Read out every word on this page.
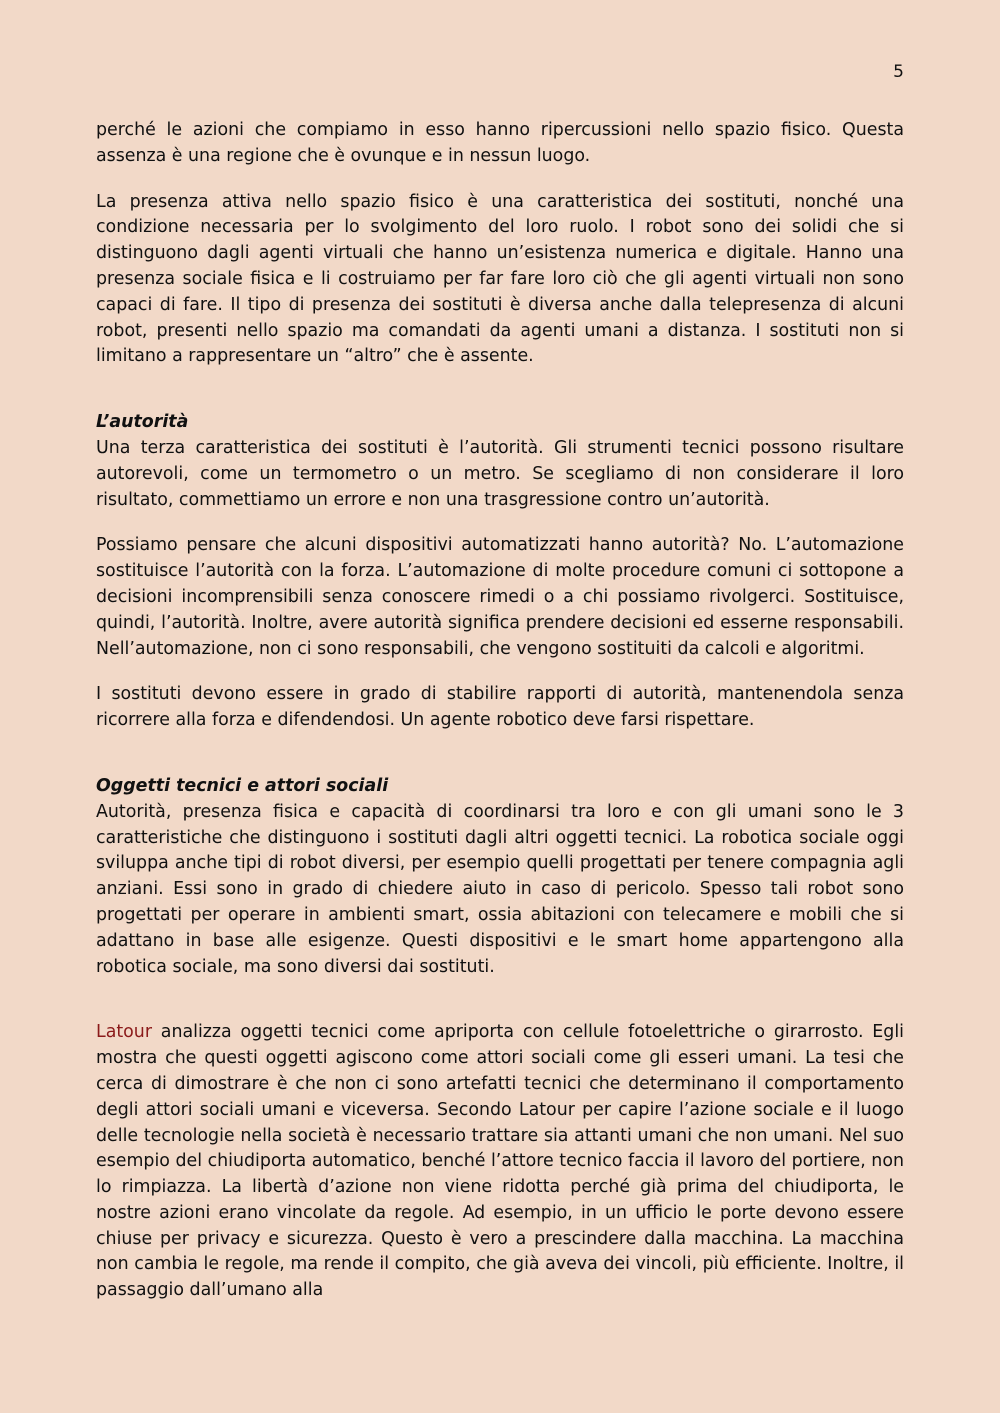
5

perché le azioni che compiamo in esso hanno ripercussioni nello spazio fisico. Questa assenza è una regione che è ovunque e in nessun luogo.

La presenza attiva nello spazio fisico è una caratteristica dei sostituti, nonché una condizione necessaria per lo svolgimento del loro ruolo. I robot sono dei solidi che si distinguono dagli agenti virtuali che hanno un’esistenza numerica e digitale. Hanno una presenza sociale fisica e li costruiamo per far fare loro ciò che gli agenti virtuali non sono capaci di fare. Il tipo di presenza dei sostituti è diversa anche dalla telepresenza di alcuni robot, presenti nello spazio ma comandati da agenti umani a distanza. I sostituti non si limitano a rappresentare un “altro” che è assente.

L’autorità

Una terza caratteristica dei sostituti è l’autorità. Gli strumenti tecnici possono risultare autorevoli, come un termometro o un metro. Se scegliamo di non considerare il loro risultato, commettiamo un errore e non una trasgressione contro un’autorità.

Possiamo pensare che alcuni dispositivi automatizzati hanno autorità? No. L’automazione sostituisce l’autorità con la forza. L’automazione di molte procedure comuni ci sottopone a decisioni incomprensibili senza conoscere rimedi o a chi possiamo rivolgerci. Sostituisce, quindi, l’autorità. Inoltre, avere autorità significa prendere decisioni ed esserne responsabili. Nell’automazione, non ci sono responsabili, che vengono sostituiti da calcoli e algoritmi.

I sostituti devono essere in grado di stabilire rapporti di autorità, mantenendola senza ricorrere alla forza e difendendosi. Un agente robotico deve farsi rispettare.

Oggetti tecnici e attori sociali

Autorità, presenza fisica e capacità di coordinarsi tra loro e con gli umani sono le 3 caratteristiche che distinguono i sostituti dagli altri oggetti tecnici. La robotica sociale oggi sviluppa anche tipi di robot diversi, per esempio quelli progettati per tenere compagnia agli anziani. Essi sono in grado di chiedere aiuto in caso di pericolo. Spesso tali robot sono progettati per operare in ambienti smart, ossia abitazioni con telecamere e mobili che si adattano in base alle esigenze. Questi dispositivi e le smart home appartengono alla robotica sociale, ma sono diversi dai sostituti.

Latour analizza oggetti tecnici come apriporta con cellule fotoelettriche o girarrosto. Egli mostra che questi oggetti agiscono come attori sociali come gli esseri umani. La tesi che cerca di dimostrare è che non ci sono artefatti tecnici che determinano il comportamento degli attori sociali umani e viceversa. Secondo Latour per capire l’azione sociale e il luogo delle tecnologie nella società è necessario trattare sia attanti umani che non umani. Nel suo esempio del chiudiporta automatico, benché l’attore tecnico faccia il lavoro del portiere, non lo rimpiazza. La libertà d’azione non viene ridotta perché già prima del chiudiporta, le nostre azioni erano vincolate da regole. Ad esempio, in un ufficio le porte devono essere chiuse per privacy e sicurezza. Questo è vero a prescindere dalla macchina. La macchina non cambia le regole, ma rende il compito, che già aveva dei vincoli, più efficiente. Inoltre, il passaggio dall’umano alla
